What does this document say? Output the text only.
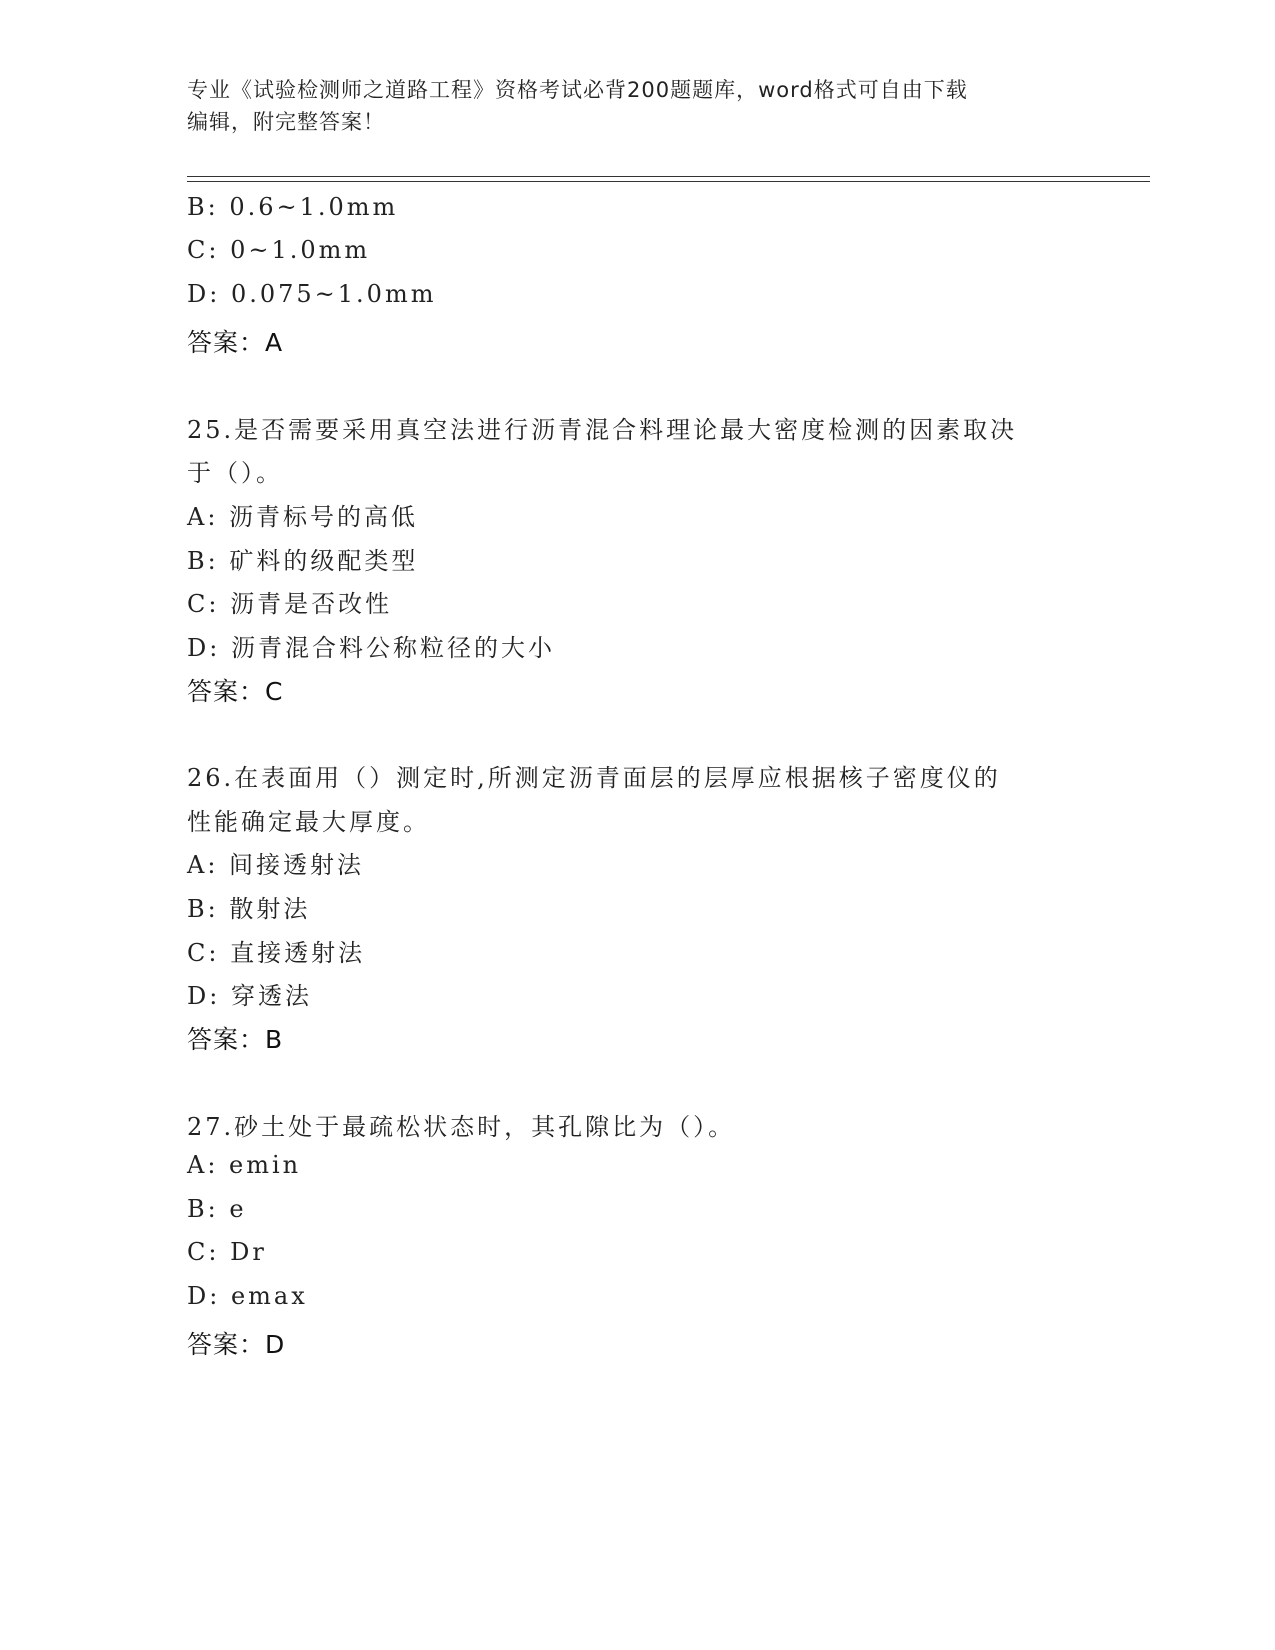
专业《试验检测师之道路工程》资格考试必背200题题库，word格式可自由下载
编辑，附完整答案！
B: 0.6~1.0mm
C: 0~1.0mm
D: 0.075~1.0mm
答案：A
25.是否需要采用真空法进行沥青混合料理论最大密度检测的因素取决
于（）。
A: 沥青标号的高低
B: 矿料的级配类型
C: 沥青是否改性
D: 沥青混合料公称粒径的大小
答案：C
26.在表面用（）测定时,所测定沥青面层的层厚应根据核子密度仪的
性能确定最大厚度。
A: 间接透射法
B: 散射法
C: 直接透射法
D: 穿透法
答案：B
27.砂土处于最疏松状态时，其孔隙比为（）。
A: emin
B: e
C: Dr
D: emax
答案：D
